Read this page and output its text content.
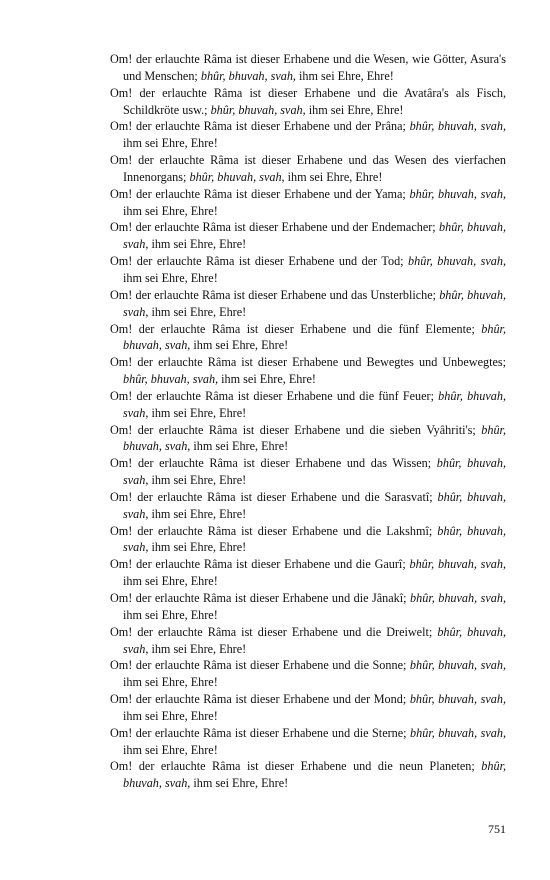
Om! der erlauchte Râma ist dieser Erhabene und die Wesen, wie Götter, Asura's und Menschen; bhûr, bhuvah, svah, ihm sei Ehre, Ehre!

Om! der erlauchte Râma ist dieser Erhabene und die Avatâra's als Fisch, Schildkröte usw.; bhûr, bhuvah, svah, ihm sei Ehre, Ehre!

Om! der erlauchte Râma ist dieser Erhabene und der Prâna; bhûr, bhuvah, svah, ihm sei Ehre, Ehre!

Om! der erlauchte Râma ist dieser Erhabene und das Wesen des vierfachen Innenorgans; bhûr, bhuvah, svah, ihm sei Ehre, Ehre!

Om! der erlauchte Râma ist dieser Erhabene und der Yama; bhûr, bhuvah, svah, ihm sei Ehre, Ehre!

Om! der erlauchte Râma ist dieser Erhabene und der Endemacher; bhûr, bhuvah, svah, ihm sei Ehre, Ehre!

Om! der erlauchte Râma ist dieser Erhabene und der Tod; bhûr, bhuvah, svah, ihm sei Ehre, Ehre!

Om! der erlauchte Râma ist dieser Erhabene und das Unsterbliche; bhûr, bhuvah, svah, ihm sei Ehre, Ehre!

Om! der erlauchte Râma ist dieser Erhabene und die fünf Elemente; bhûr, bhuvah, svah, ihm sei Ehre, Ehre!

Om! der erlauchte Râma ist dieser Erhabene und Bewegtes und Unbewegtes; bhûr, bhuvah, svah, ihm sei Ehre, Ehre!

Om! der erlauchte Râma ist dieser Erhabene und die fünf Feuer; bhûr, bhuvah, svah, ihm sei Ehre, Ehre!

Om! der erlauchte Râma ist dieser Erhabene und die sieben Vyâhriti's; bhûr, bhuvah, svah, ihm sei Ehre, Ehre!

Om! der erlauchte Râma ist dieser Erhabene und das Wissen; bhûr, bhuvah, svah, ihm sei Ehre, Ehre!

Om! der erlauchte Râma ist dieser Erhabene und die Sarasvatî; bhûr, bhuvah, svah, ihm sei Ehre, Ehre!

Om! der erlauchte Râma ist dieser Erhabene und die Lakshmî; bhûr, bhuvah, svah, ihm sei Ehre, Ehre!

Om! der erlauchte Râma ist dieser Erhabene und die Gaurî; bhûr, bhuvah, svah, ihm sei Ehre, Ehre!

Om! der erlauchte Râma ist dieser Erhabene und die Jânakî; bhûr, bhuvah, svah, ihm sei Ehre, Ehre!

Om! der erlauchte Râma ist dieser Erhabene und die Dreiwelt; bhûr, bhuvah, svah, ihm sei Ehre, Ehre!

Om! der erlauchte Râma ist dieser Erhabene und die Sonne; bhûr, bhuvah, svah, ihm sei Ehre, Ehre!

Om! der erlauchte Râma ist dieser Erhabene und der Mond; bhûr, bhuvah, svah, ihm sei Ehre, Ehre!

Om! der erlauchte Râma ist dieser Erhabene und die Sterne; bhûr, bhuvah, svah, ihm sei Ehre, Ehre!

Om! der erlauchte Râma ist dieser Erhabene und die neun Planeten; bhûr, bhuvah, svah, ihm sei Ehre, Ehre!

751
